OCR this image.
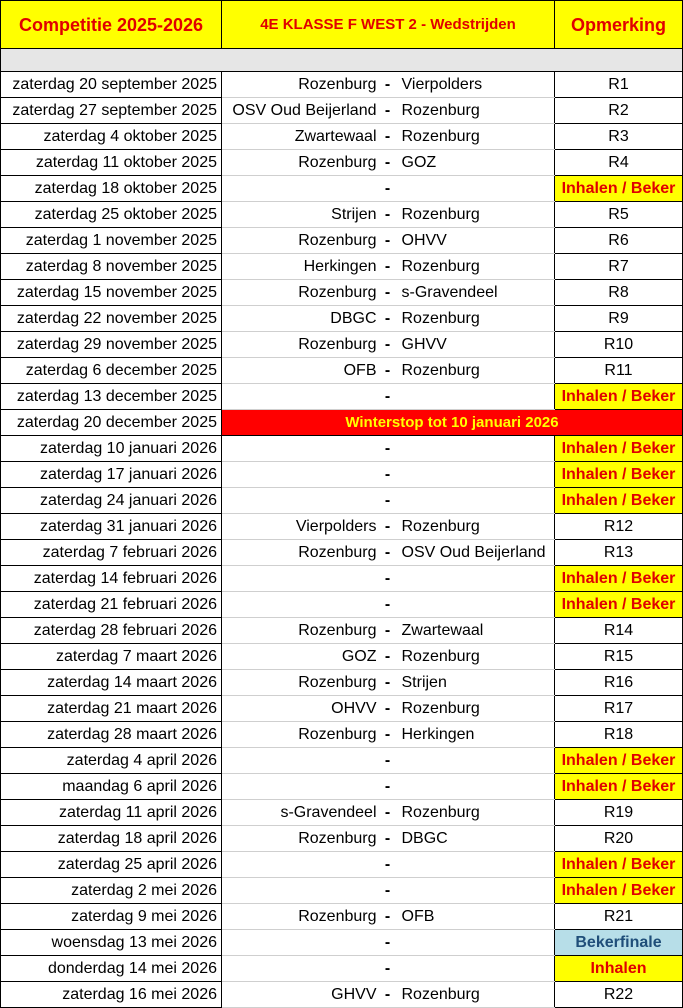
Competitie 2025-2026	4E KLASSE F WEST 2 - Wedstrijden			Opmerking

zaterdag 20 september 2025	Rozenburg	-	Vierpolders	R1
zaterdag 27 september 2025	OSV Oud Beijerland	-	Rozenburg	R2
zaterdag 4 oktober 2025	Zwartewaal	-	Rozenburg	R3
zaterdag 11 oktober 2025	Rozenburg	-	GOZ	R4
zaterdag 18 oktober 2025		-		Inhalen / Beker
zaterdag 25 oktober 2025	Strijen	-	Rozenburg	R5
zaterdag 1 november 2025	Rozenburg	-	OHVV	R6
zaterdag 8 november 2025	Herkingen	-	Rozenburg	R7
zaterdag 15 november 2025	Rozenburg	-	s-Gravendeel	R8
zaterdag 22 november 2025	DBGC	-	Rozenburg	R9
zaterdag 29 november 2025	Rozenburg	-	GHVV	R10
zaterdag 6 december 2025	OFB	-	Rozenburg	R11
zaterdag 13 december 2025		-		Inhalen / Beker
zaterdag 20 december 2025	Winterstop tot 10 januari 2026			
zaterdag 10 januari 2026		-		Inhalen / Beker
zaterdag 17 januari 2026		-		Inhalen / Beker
zaterdag 24 januari 2026		-		Inhalen / Beker
zaterdag 31 januari 2026	Vierpolders	-	Rozenburg	R12
zaterdag 7 februari 2026	Rozenburg	-	OSV Oud Beijerland	R13
zaterdag 14 februari 2026		-		Inhalen / Beker
zaterdag 21 februari 2026		-		Inhalen / Beker
zaterdag 28 februari 2026	Rozenburg	-	Zwartewaal	R14
zaterdag 7 maart 2026	GOZ	-	Rozenburg	R15
zaterdag 14 maart 2026	Rozenburg	-	Strijen	R16
zaterdag 21 maart 2026	OHVV	-	Rozenburg	R17
zaterdag 28 maart 2026	Rozenburg	-	Herkingen	R18
zaterdag 4 april 2026		-		Inhalen / Beker
maandag 6 april 2026		-		Inhalen / Beker
zaterdag 11 april 2026	s-Gravendeel	-	Rozenburg	R19
zaterdag 18 april 2026	Rozenburg	-	DBGC	R20
zaterdag 25 april 2026		-		Inhalen / Beker
zaterdag 2 mei 2026		-		Inhalen / Beker
zaterdag 9 mei 2026	Rozenburg	-	OFB	R21
woensdag 13 mei 2026		-		Bekerfinale
donderdag 14 mei 2026		-		Inhalen
zaterdag 16 mei 2026	GHVV	-	Rozenburg	R22
